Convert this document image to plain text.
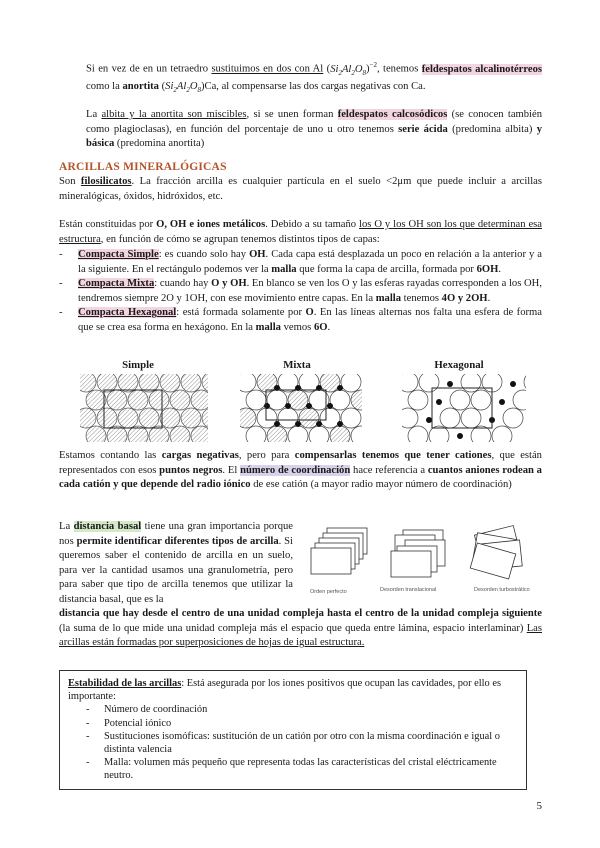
Si en vez de en un tetraedro sustituimos en dos con Al $(Si_2Al_2O_8)^{-2}$, tenemos feldespatos alcalinotérreos como la anortita $(Si_2Al_2O_8)Ca$, al compensarse las dos cargas negativas con Ca.

La albita y la anortita son miscibles, si se unen forman feldespatos calcosódicos (se conocen también como plagioclasas), en función del porcentaje de uno u otro tenemos serie ácida (predomina albita) y básica (predomina anortita)

ARCILLAS MINERALÓGICAS

Son filosilicatos. La fracción arcilla es cualquier partícula en el suelo <2μm que puede incluir a arcillas mineralógicas, óxidos, hidróxidos, etc.

Están constituidas por O, OH e iones metálicos. Debido a su tamaño los O y los OH son los que determinan esa estructura, en función de cómo se agrupan tenemos distintos tipos de capas:

- Compacta Simple: es cuando solo hay OH. Cada capa está desplazada un poco en relación a la anterior y a la siguiente. En el rectángulo podemos ver la malla que forma la capa de arcilla, formada por 6OH.
- Compacta Mixta: cuando hay O y OH. En blanco se ven los O y las esferas rayadas corresponden a los OH, tendremos siempre 2O y 1OH, con ese movimiento entre capas. En la malla tenemos 4O y 2OH.
- Compacta Hexagonal: está formada solamente por O. En las líneas alternas nos falta una esfera de forma que se crea esa forma en hexágono. En la malla vemos 6O.
Simple	Mixta	Hexagonal

Estamos contando las cargas negativas, pero para compensarlas tenemos que tener cationes, que están representados con esos puntos negros. El número de coordinación hace referencia a cuantos aniones rodean a cada catión y que depende del radio iónico de ese catión (a mayor radio mayor número de coordinación)

La distancia basal tiene una gran importancia porque nos permite identificar diferentes tipos de arcilla. Si queremos saber el contenido de arcilla en un suelo, para ver la cantidad usamos una granulometría, pero para saber que tipo de arcilla tenemos que utilizar la distancia basal, que es la

distancia que hay desde el centro de una unidad compleja hasta el centro de la unidad compleja siguiente (la suma de lo que mide una unidad compleja más el espacio que queda entre lámina, espacio interlaminar) Las arcillas están formadas por superposiciones de hojas de igual estructura.

Orden perfecto	Desorden translacional	Desorden turbostrático

Estabilidad de las arcillas: Está asegurada por los iones positivos que ocupan las cavidades, por ello es importante:

- Número de coordinación
- Potencial iónico
- Sustituciones isomóficas: sustitución de un catión por otro con la misma coordinación e igual o distinta valencia
- Malla: volumen más pequeño que representa todas las características del cristal eléctricamente neutro.
5
